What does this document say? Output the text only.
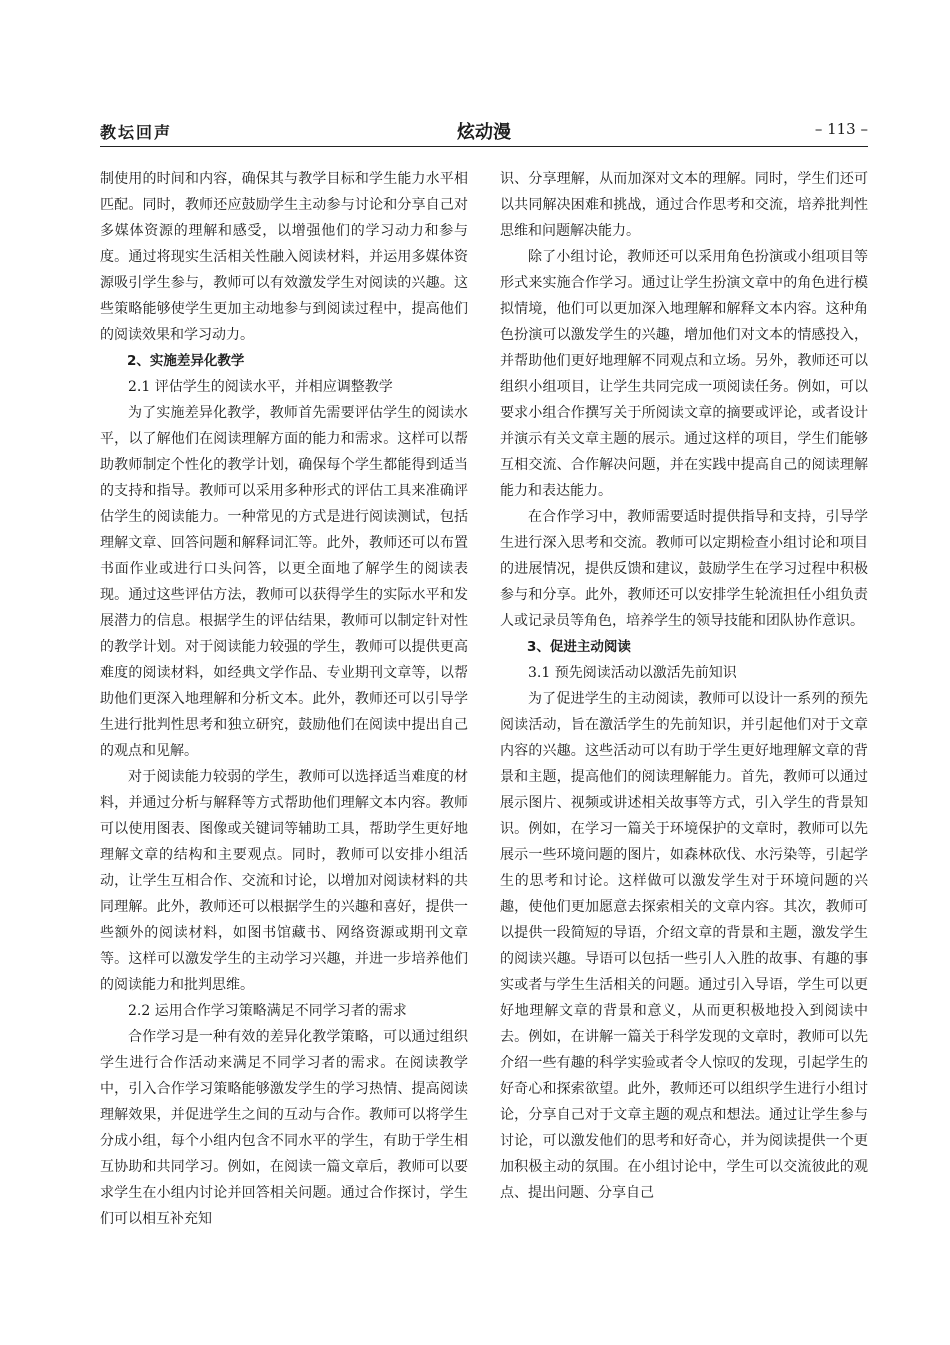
教坛回声	炫动漫	– 113 –

制使用的时间和内容，确保其与教学目标和学生能力水平相匹配。同时，教师还应鼓励学生主动参与讨论和分享自己对多媒体资源的理解和感受，以增强他们的学习动力和参与度。通过将现实生活相关性融入阅读材料，并运用多媒体资源吸引学生参与，教师可以有效激发学生对阅读的兴趣。这些策略能够使学生更加主动地参与到阅读过程中，提高他们的阅读效果和学习动力。

2、实施差异化教学

2.1 评估学生的阅读水平，并相应调整教学

为了实施差异化教学，教师首先需要评估学生的阅读水平，以了解他们在阅读理解方面的能力和需求。这样可以帮助教师制定个性化的教学计划，确保每个学生都能得到适当的支持和指导。教师可以采用多种形式的评估工具来准确评估学生的阅读能力。一种常见的方式是进行阅读测试，包括理解文章、回答问题和解释词汇等。此外，教师还可以布置书面作业或进行口头问答，以更全面地了解学生的阅读表现。通过这些评估方法，教师可以获得学生的实际水平和发展潜力的信息。根据学生的评估结果，教师可以制定针对性的教学计划。对于阅读能力较强的学生，教师可以提供更高难度的阅读材料，如经典文学作品、专业期刊文章等，以帮助他们更深入地理解和分析文本。此外，教师还可以引导学生进行批判性思考和独立研究，鼓励他们在阅读中提出自己的观点和见解。

对于阅读能力较弱的学生，教师可以选择适当难度的材料，并通过分析与解释等方式帮助他们理解文本内容。教师可以使用图表、图像或关键词等辅助工具，帮助学生更好地理解文章的结构和主要观点。同时，教师可以安排小组活动，让学生互相合作、交流和讨论，以增加对阅读材料的共同理解。此外，教师还可以根据学生的兴趣和喜好，提供一些额外的阅读材料，如图书馆藏书、网络资源或期刊文章等。这样可以激发学生的主动学习兴趣，并进一步培养他们的阅读能力和批判思维。

2.2 运用合作学习策略满足不同学习者的需求

合作学习是一种有效的差异化教学策略，可以通过组织学生进行合作活动来满足不同学习者的需求。在阅读教学中，引入合作学习策略能够激发学生的学习热情、提高阅读理解效果，并促进学生之间的互动与合作。教师可以将学生分成小组，每个小组内包含不同水平的学生，有助于学生相互协助和共同学习。例如，在阅读一篇文章后，教师可以要求学生在小组内讨论并回答相关问题。通过合作探讨，学生们可以相互补充知

识、分享理解，从而加深对文本的理解。同时，学生们还可以共同解决困难和挑战，通过合作思考和交流，培养批判性思维和问题解决能力。

除了小组讨论，教师还可以采用角色扮演或小组项目等形式来实施合作学习。通过让学生扮演文章中的角色进行模拟情境，他们可以更加深入地理解和解释文本内容。这种角色扮演可以激发学生的兴趣，增加他们对文本的情感投入，并帮助他们更好地理解不同观点和立场。另外，教师还可以组织小组项目，让学生共同完成一项阅读任务。例如，可以要求小组合作撰写关于所阅读文章的摘要或评论，或者设计并演示有关文章主题的展示。通过这样的项目，学生们能够互相交流、合作解决问题，并在实践中提高自己的阅读理解能力和表达能力。

在合作学习中，教师需要适时提供指导和支持，引导学生进行深入思考和交流。教师可以定期检查小组讨论和项目的进展情况，提供反馈和建议，鼓励学生在学习过程中积极参与和分享。此外，教师还可以安排学生轮流担任小组负责人或记录员等角色，培养学生的领导技能和团队协作意识。

3、促进主动阅读

3.1 预先阅读活动以激活先前知识

为了促进学生的主动阅读，教师可以设计一系列的预先阅读活动，旨在激活学生的先前知识，并引起他们对于文章内容的兴趣。这些活动可以有助于学生更好地理解文章的背景和主题，提高他们的阅读理解能力。首先，教师可以通过展示图片、视频或讲述相关故事等方式，引入学生的背景知识。例如，在学习一篇关于环境保护的文章时，教师可以先展示一些环境问题的图片，如森林砍伐、水污染等，引起学生的思考和讨论。这样做可以激发学生对于环境问题的兴趣，使他们更加愿意去探索相关的文章内容。其次，教师可以提供一段简短的导语，介绍文章的背景和主题，激发学生的阅读兴趣。导语可以包括一些引人入胜的故事、有趣的事实或者与学生生活相关的问题。通过引入导语，学生可以更好地理解文章的背景和意义，从而更积极地投入到阅读中去。例如，在讲解一篇关于科学发现的文章时，教师可以先介绍一些有趣的科学实验或者令人惊叹的发现，引起学生的好奇心和探索欲望。此外，教师还可以组织学生进行小组讨论，分享自己对于文章主题的观点和想法。通过让学生参与讨论，可以激发他们的思考和好奇心，并为阅读提供一个更加积极主动的氛围。在小组讨论中，学生可以交流彼此的观点、提出问题、分享自己
